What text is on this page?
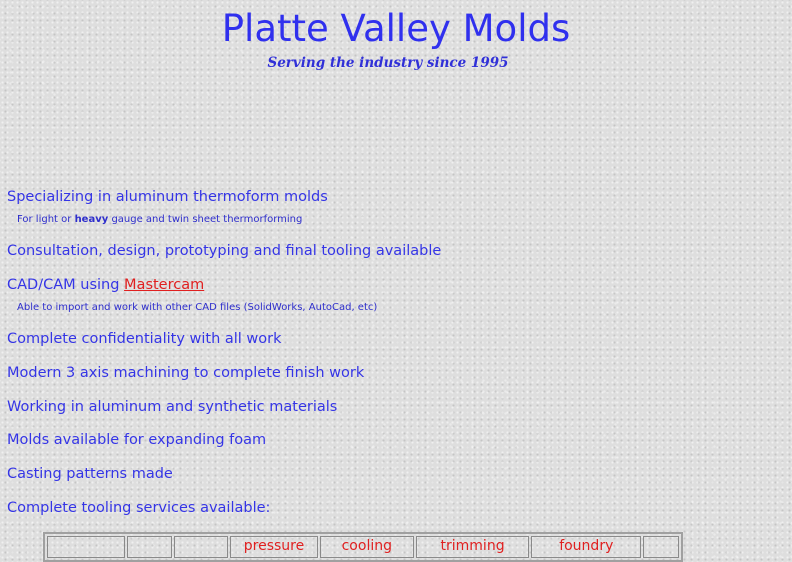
Platte Valley Molds
Serving the industry since 1995
Specializing in aluminum thermoform molds
For light or heavy gauge and twin sheet thermorforming
Consultation, design, prototyping and final tooling available
CAD/CAM using Mastercam
Able to import and work with other CAD files (SolidWorks, AutoCad, etc)
Complete confidentiality with all work
Modern 3 axis machining to complete finish work
Working in aluminum and synthetic materials
Molds available for expanding foam
Casting patterns made
Complete tooling services available:
			pressure	cooling	trimming	foundry	
